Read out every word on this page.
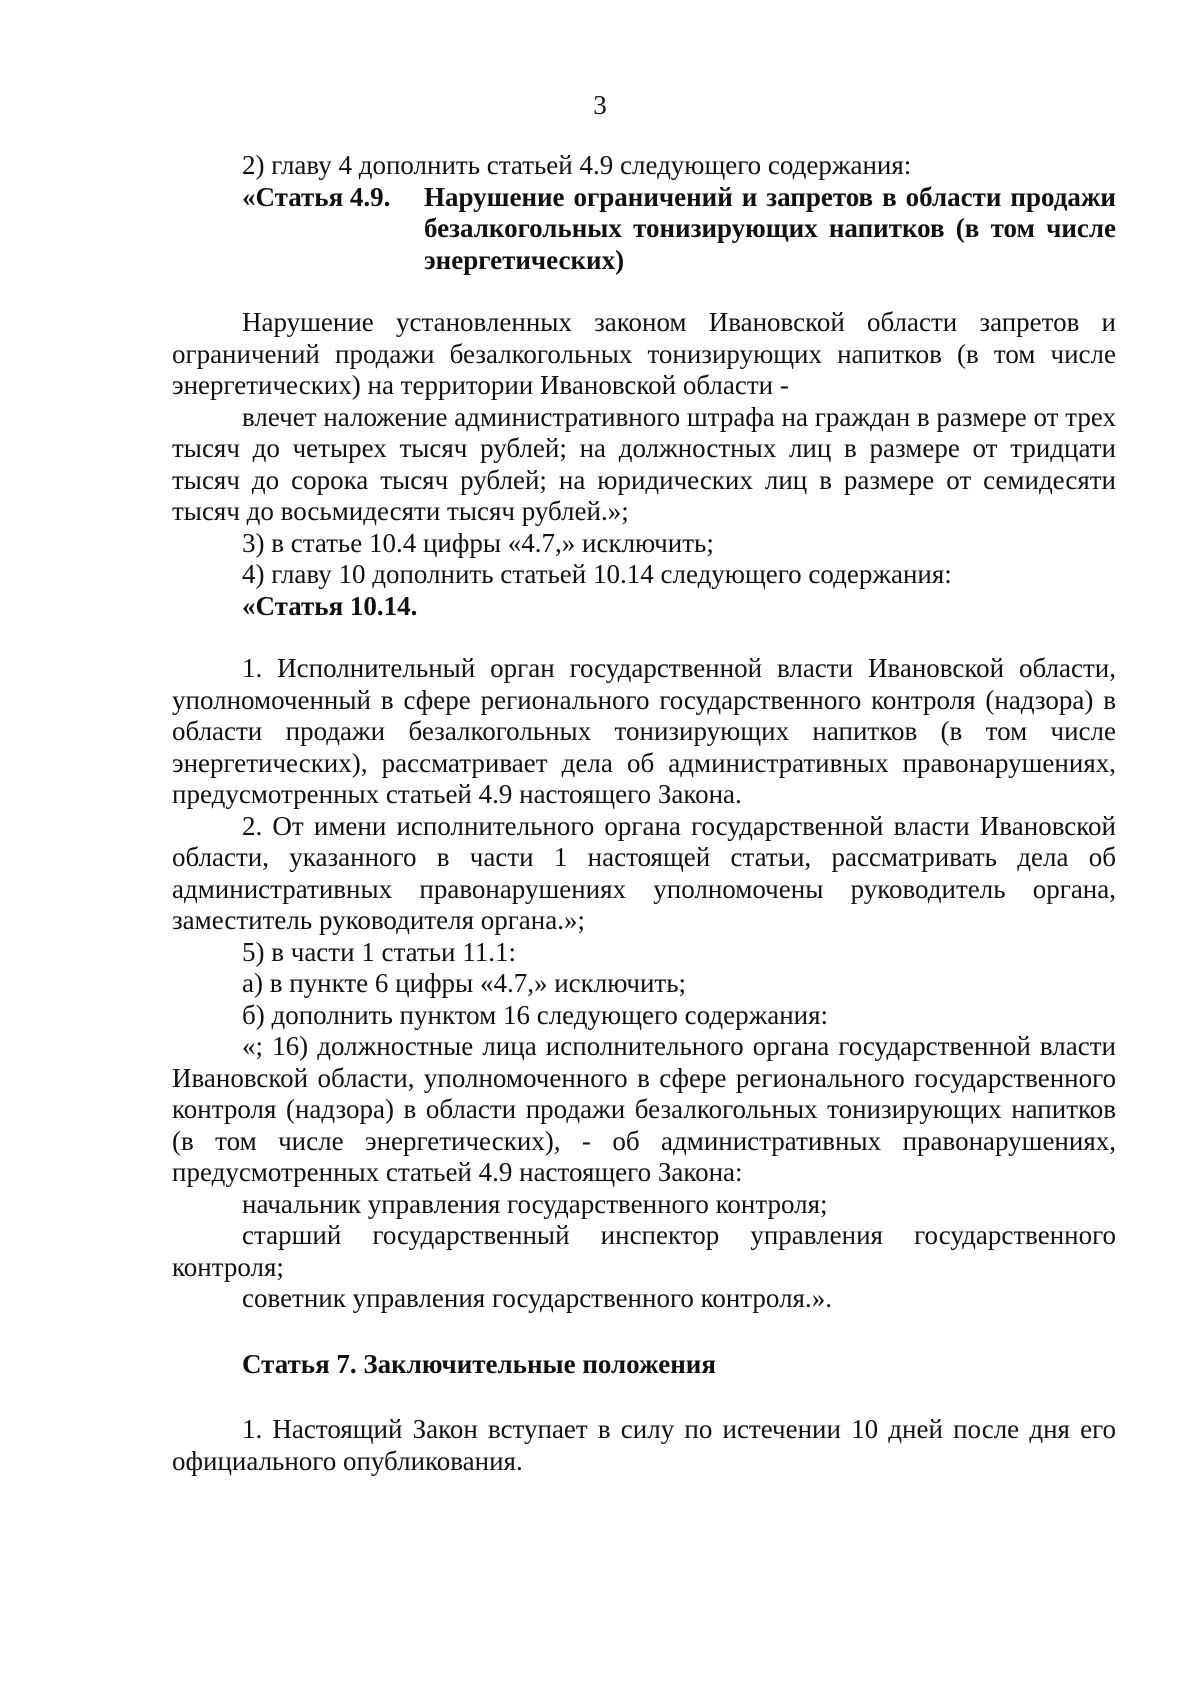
3

2) главу 4 дополнить статьей 4.9 следующего содержания:

«Статья 4.9.	Нарушение ограничений и запретов в области продажи безалкогольных тонизирующих напитков (в том числе энергетических)

Нарушение установленных законом Ивановской области запретов и ограничений продажи безалкогольных тонизирующих напитков (в том числе энергетических) на территории Ивановской области -

влечет наложение административного штрафа на граждан в размере от трех тысяч до четырех тысяч рублей; на должностных лиц в размере от тридцати тысяч до сорока тысяч рублей; на юридических лиц в размере от семидесяти тысяч до восьмидесяти тысяч рублей.»;

3) в статье 10.4 цифры «4.7,» исключить;

4) главу 10 дополнить статьей 10.14 следующего содержания:

«Статья 10.14.

1. Исполнительный орган государственной власти Ивановской области, уполномоченный в сфере регионального государственного контроля (надзора) в области продажи безалкогольных тонизирующих напитков (в том числе энергетических), рассматривает дела об административных правонарушениях, предусмотренных статьей 4.9 настоящего Закона.

2. От имени исполнительного органа государственной власти Ивановской области, указанного в части 1 настоящей статьи, рассматривать дела об административных правонарушениях уполномочены руководитель органа, заместитель руководителя органа.»;

5) в части 1 статьи 11.1:

а) в пункте 6 цифры «4.7,» исключить;

б) дополнить пунктом 16 следующего содержания:

«; 16) должностные лица исполнительного органа государственной власти Ивановской области, уполномоченного в сфере регионального государственного контроля (надзора) в области продажи безалкогольных тонизирующих напитков (в том числе энергетических), - об административных правонарушениях, предусмотренных статьей 4.9 настоящего Закона:

начальник управления государственного контроля;

старший государственный инспектор управления государственного контроля;

советник управления государственного контроля.».

Статья 7. Заключительные положения

1. Настоящий Закон вступает в силу по истечении 10 дней после дня его официального опубликования.
